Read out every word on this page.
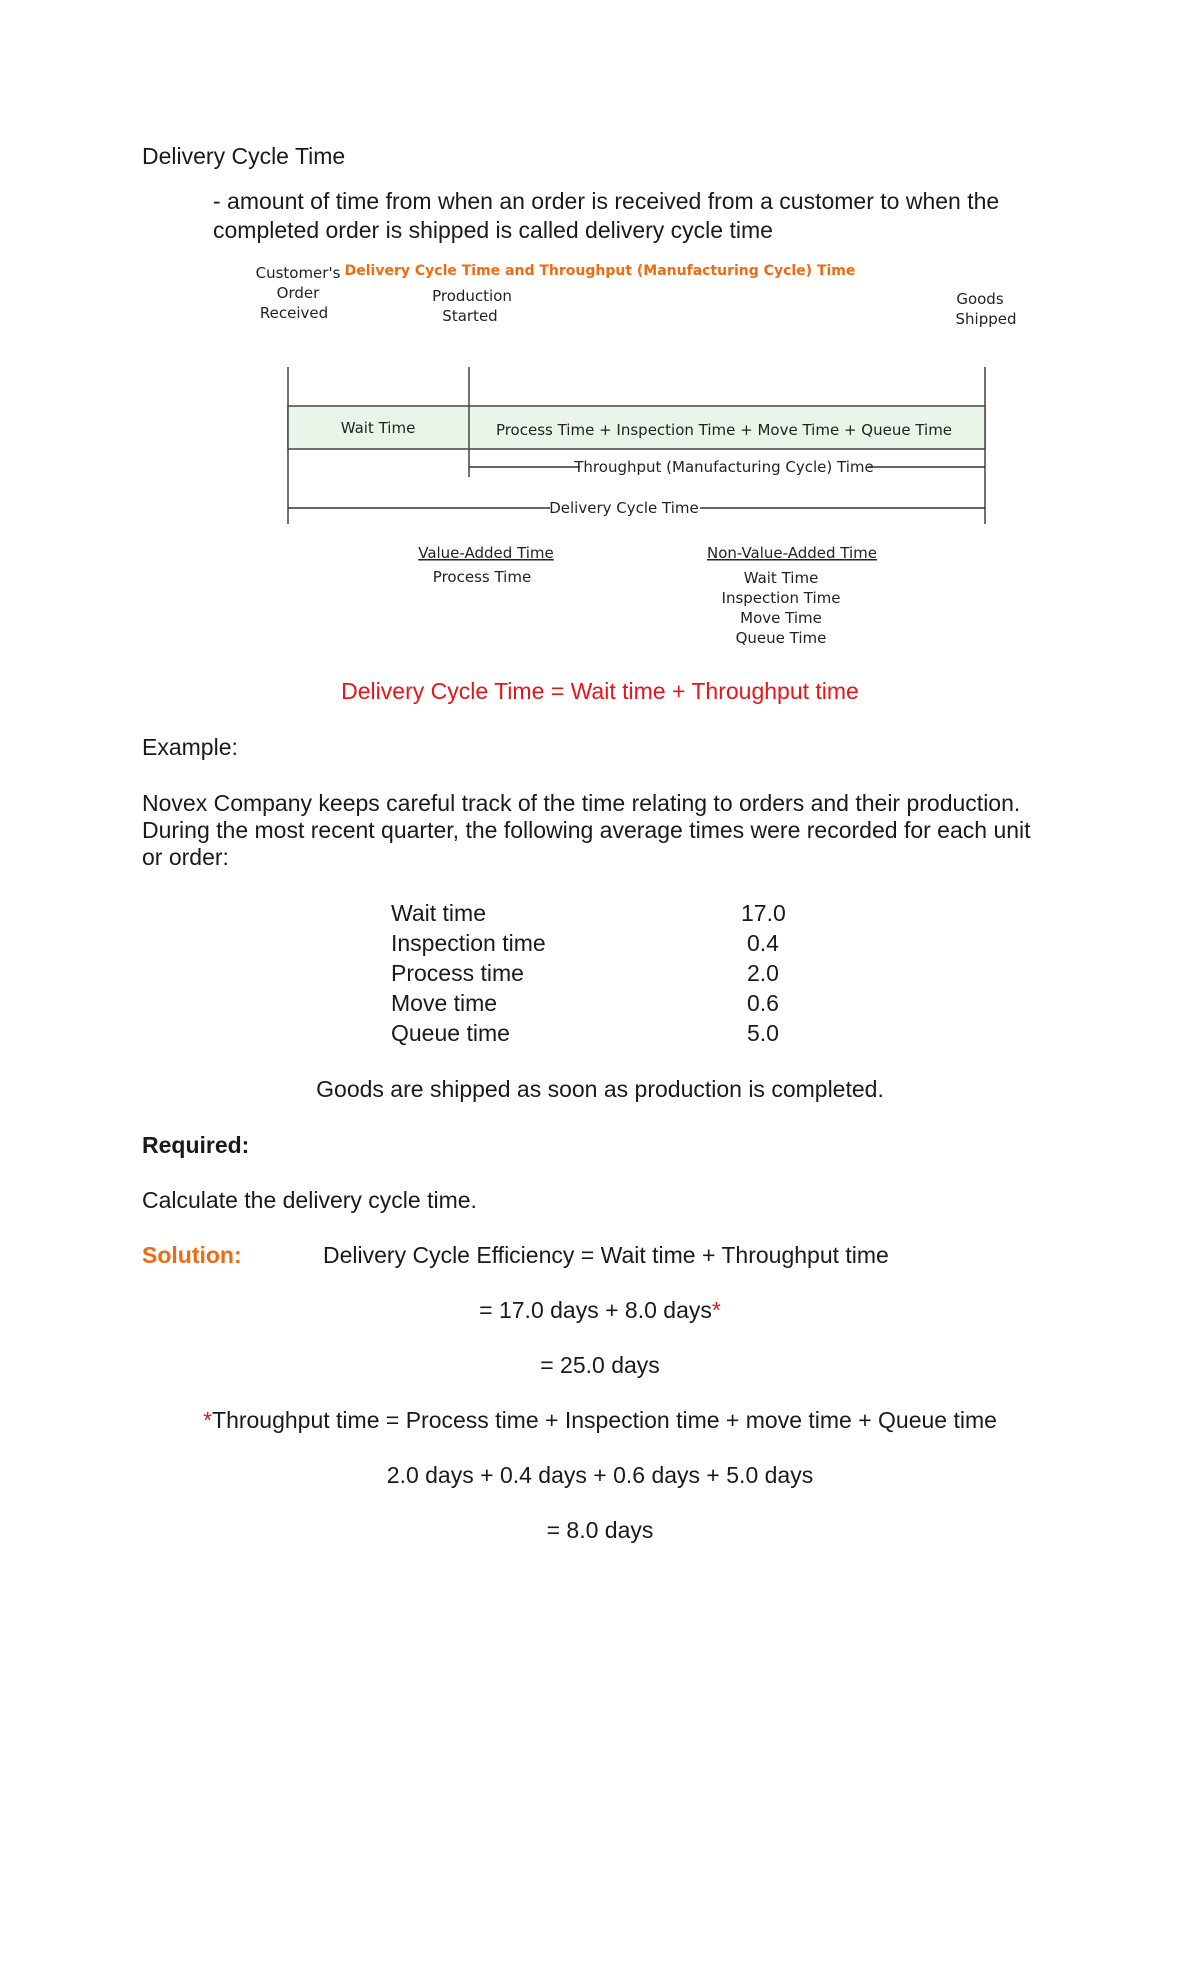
Delivery Cycle Time
- amount of time from when an order is received from a customer to when the
completed order is shipped is called delivery cycle time
Delivery Cycle Time and Throughput (Manufacturing Cycle) Time
Customer's
Order
Received
Production
Started
Goods
Shipped
Wait Time	Process Time + Inspection Time + Move Time + Queue Time
Throughput (Manufacturing Cycle) Time
Delivery Cycle Time
Value-Added Time
Process Time
Non-Value-Added Time
Wait Time
Inspection Time
Move Time
Queue Time
Delivery Cycle Time = Wait time + Throughput time
Example:
Novex Company keeps careful track of the time relating to orders and their production.
During the most recent quarter, the following average times were recorded for each unit
or order:
Wait time	17.0
Inspection time	0.4
Process time	2.0
Move time	0.6
Queue time	5.0
Goods are shipped as soon as production is completed.
Required:
Calculate the delivery cycle time.
Solution:	Delivery Cycle Efficiency = Wait time + Throughput time
= 17.0 days + 8.0 days*
= 25.0 days
*Throughput time = Process time + Inspection time + move time + Queue time
2.0 days + 0.4 days + 0.6 days + 5.0 days
= 8.0 days
